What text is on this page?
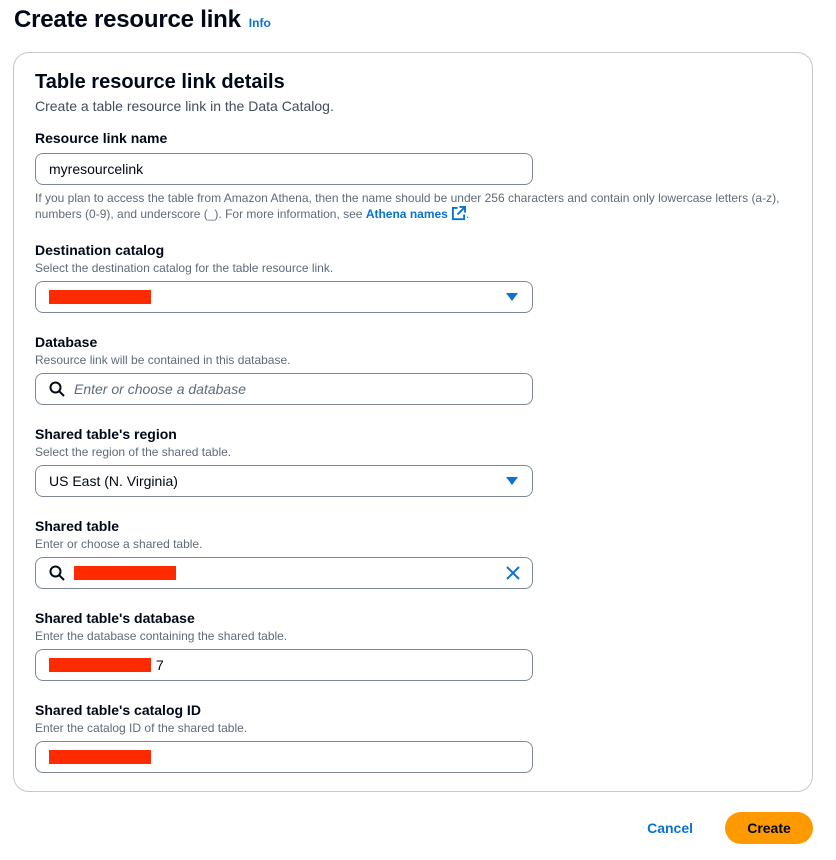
Create resource link Info
Table resource link details
Create a table resource link in the Data Catalog.
Resource link name
myresourcelink
If you plan to access the table from Amazon Athena, then the name should be under 256 characters and contain only lowercase letters (a-z), numbers (0-9), and underscore (_). For more information, see Athena names .
Destination catalog
Select the destination catalog for the table resource link.
Database
Resource link will be contained in this database.
Enter or choose a database
Shared table's region
Select the region of the shared table.
US East (N. Virginia)
Shared table
Enter or choose a shared table.
Shared table's database
Enter the database containing the shared table.
7
Shared table's catalog ID
Enter the catalog ID of the shared table.
Cancel	Create
